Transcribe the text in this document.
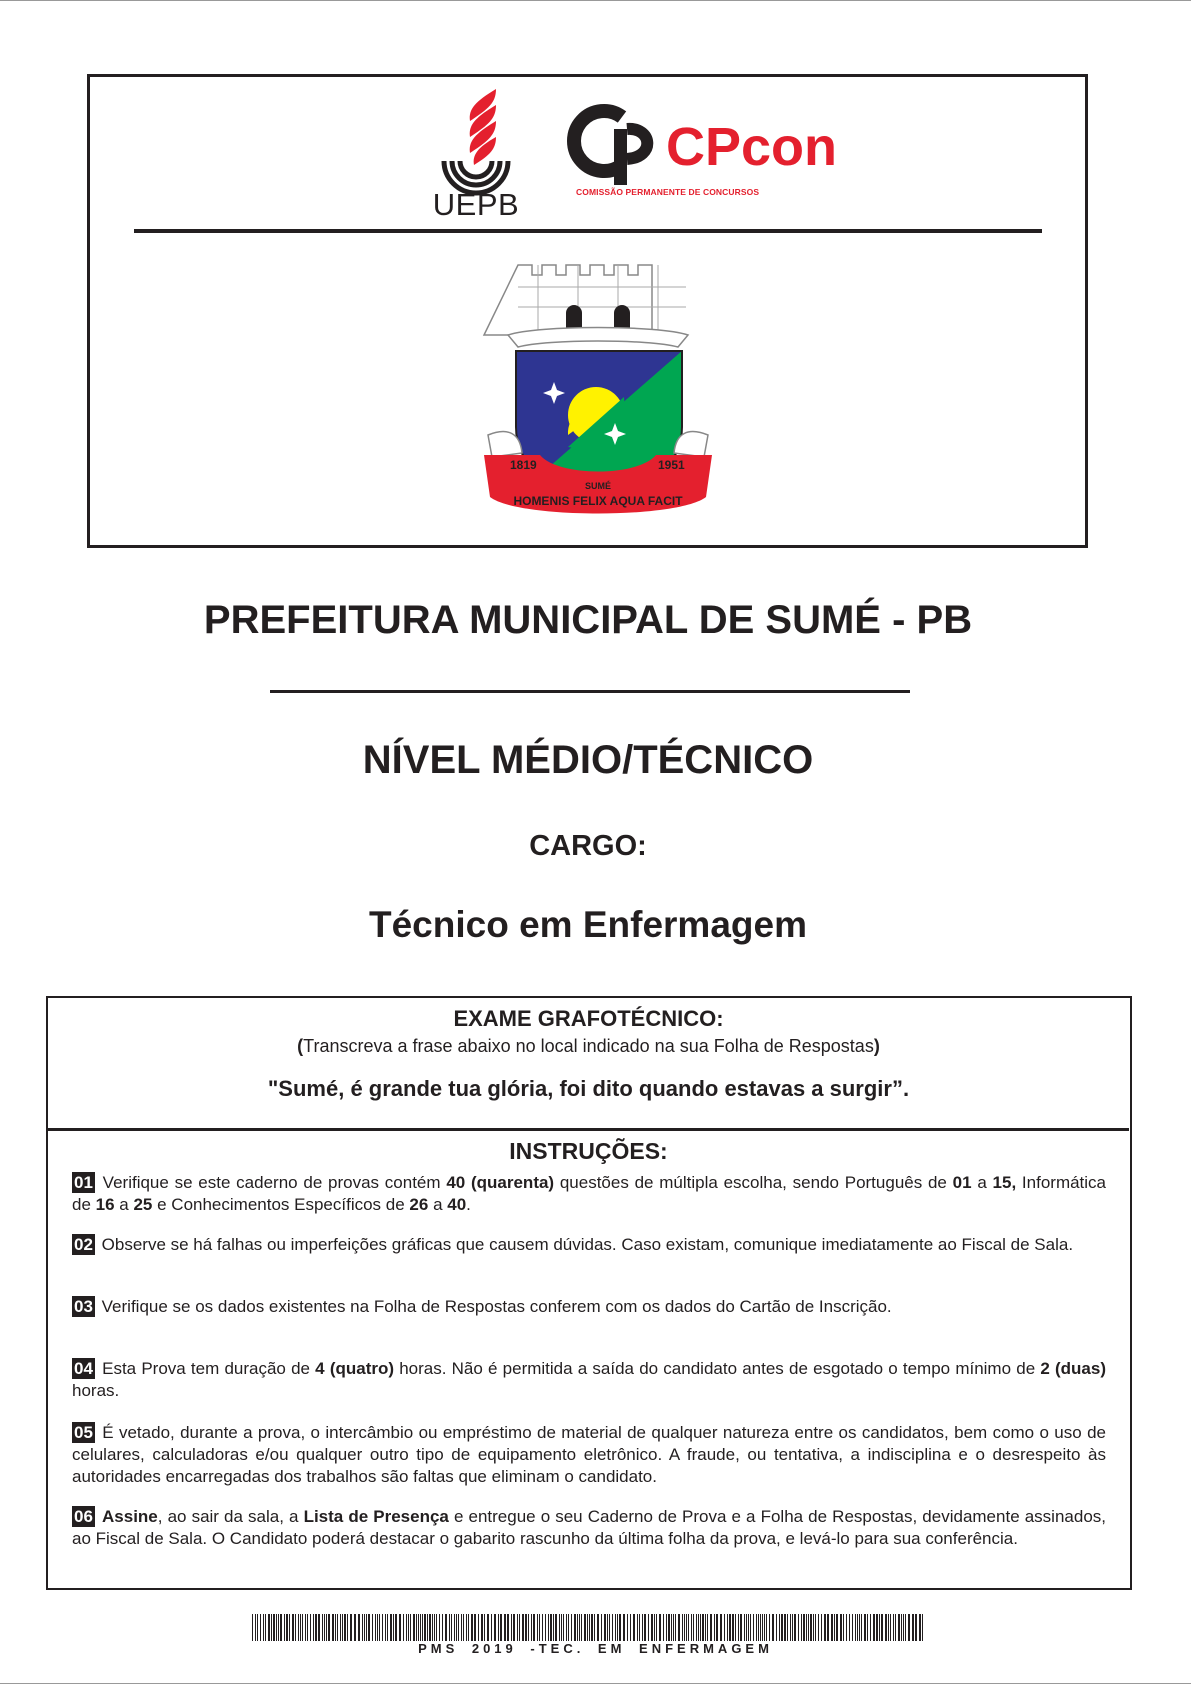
UEPB
CPcon
COMISSÃO PERMANENTE DE CONCURSOS
1819	1951
SUMÉ
HOMENIS FELIX AQUA FACIT
PREFEITURA MUNICIPAL DE SUMÉ - PB
NÍVEL MÉDIO/TÉCNICO
CARGO:
Técnico em Enfermagem
EXAME GRAFOTÉCNICO:
(Transcreva a frase abaixo no local indicado na sua Folha de Respostas)
"Sumé, é grande tua glória, foi dito quando estavas a surgir”.
INSTRUÇÕES:
01 Verifique se este caderno de provas contém 40 (quarenta) questões de múltipla escolha, sendo Português de 01 a 15, Informática de 16 a 25 e Conhecimentos Específicos de 26 a 40.
02 Observe se há falhas ou imperfeições gráficas que causem dúvidas. Caso existam, comunique imediatamente ao Fiscal de Sala.
03 Verifique se os dados existentes na Folha de Respostas conferem com os dados do Cartão de Inscrição.
04 Esta Prova tem duração de 4 (quatro) horas. Não é permitida a saída do candidato antes de esgotado o tempo mínimo de 2 (duas) horas.
05 É vetado, durante a prova, o intercâmbio ou empréstimo de material de qualquer natureza entre os candidatos, bem como o uso de celulares, calculadoras e/ou qualquer outro tipo de equipamento eletrônico. A fraude, ou tentativa, a indisciplina e o desrespeito às autoridades encarregadas dos trabalhos são faltas que eliminam o candidato.
06 Assine, ao sair da sala, a Lista de Presença e entregue o seu Caderno de Prova e a Folha de Respostas, devidamente assinados, ao Fiscal de Sala. O Candidato poderá destacar o gabarito rascunho da última folha da prova, e levá-lo para sua conferência.
PMS 2019 -TEC. EM ENFERMAGEM
